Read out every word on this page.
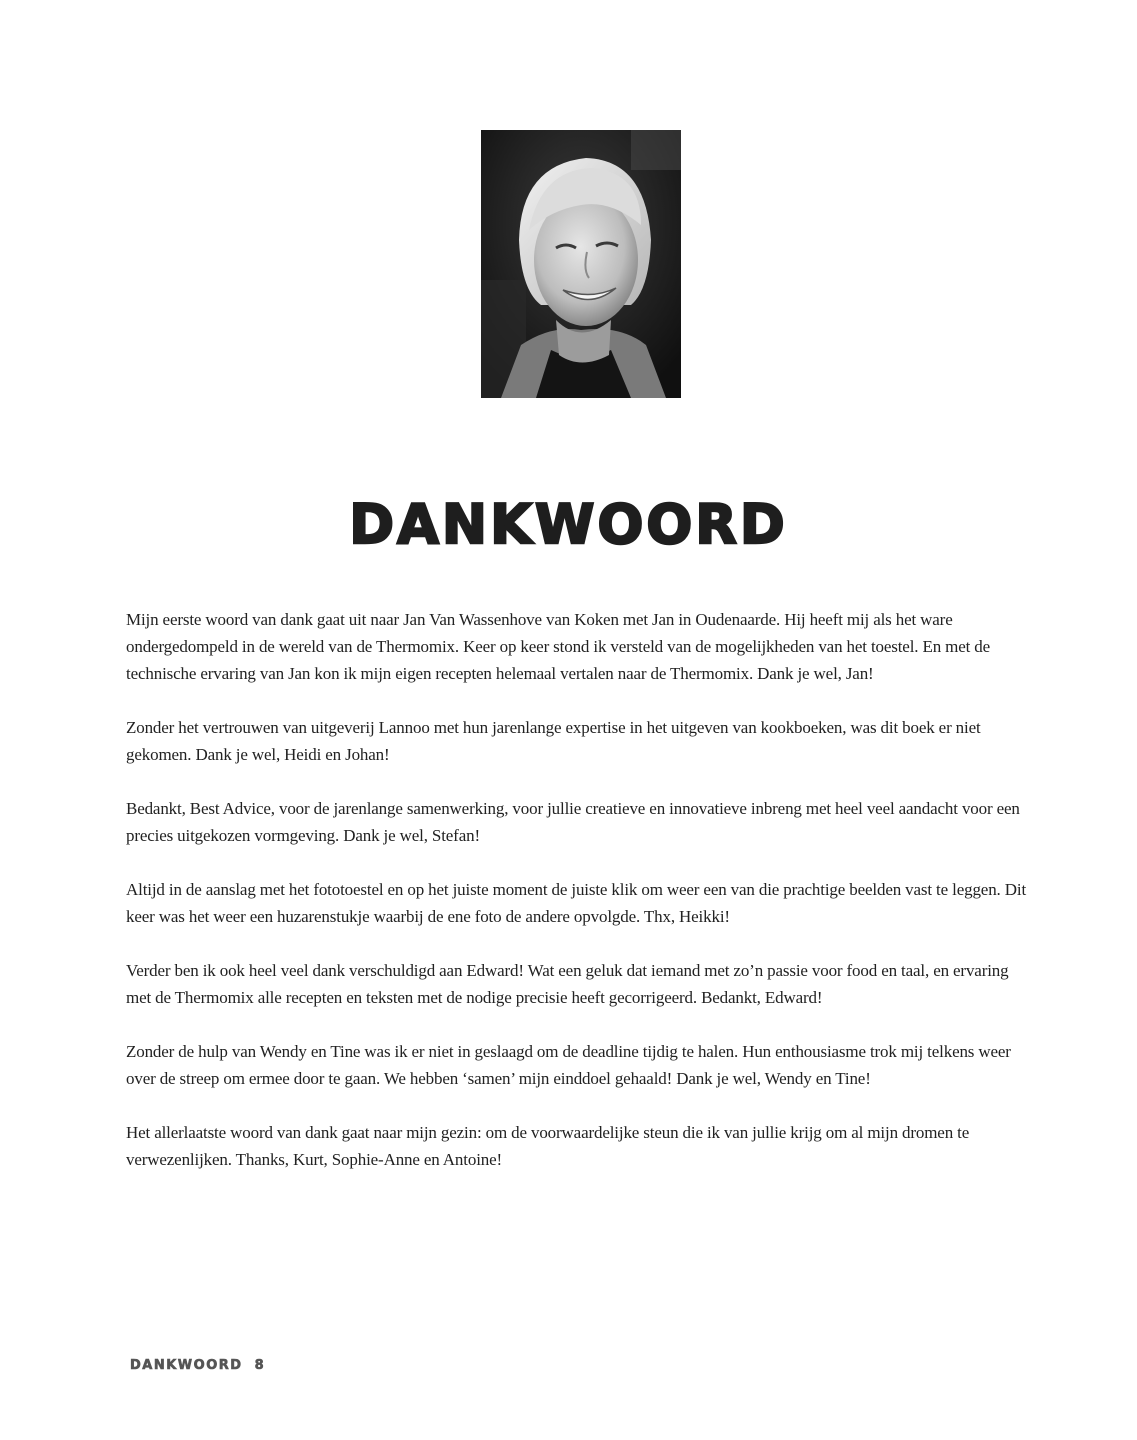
DANKWOORD

Mijn eerste woord van dank gaat uit naar Jan Van Wassenhove van Koken met Jan in Oudenaarde. Hij heeft mij als het ware ondergedompeld in de wereld van de Thermomix. Keer op keer stond ik versteld van de mogelijkheden van het toestel. En met de technische ervaring van Jan kon ik mijn eigen recepten helemaal vertalen naar de Thermomix. Dank je wel, Jan!

Zonder het vertrouwen van uitgeverij Lannoo met hun jarenlange expertise in het uitgeven van kookboeken, was dit boek er niet gekomen. Dank je wel, Heidi en Johan!

Bedankt, Best Advice, voor de jarenlange samenwerking, voor jullie creatieve en innovatieve inbreng met heel veel aandacht voor een precies uitgekozen vormgeving. Dank je wel, Stefan!

Altijd in de aanslag met het fototoestel en op het juiste moment de juiste klik om weer een van die prachtige beelden vast te leggen. Dit keer was het weer een huzarenstukje waarbij de ene foto de andere opvolgde. Thx, Heikki!

Verder ben ik ook heel veel dank verschuldigd aan Edward! Wat een geluk dat iemand met zo’n passie voor food en taal, en ervaring met de Thermomix alle recepten en teksten met de nodige precisie heeft gecorrigeerd. Bedankt, Edward!

Zonder de hulp van Wendy en Tine was ik er niet in geslaagd om de deadline tijdig te halen. Hun enthousiasme trok mij telkens weer over de streep om ermee door te gaan. We hebben ‘samen’ mijn einddoel gehaald! Dank je wel, Wendy en Tine!

Het allerlaatste woord van dank gaat naar mijn gezin: om de voorwaardelijke steun die ik van jullie krijg om al mijn dromen te verwezenlijken. Thanks, Kurt, Sophie-Anne en Antoine!

DANKWOORD 8
